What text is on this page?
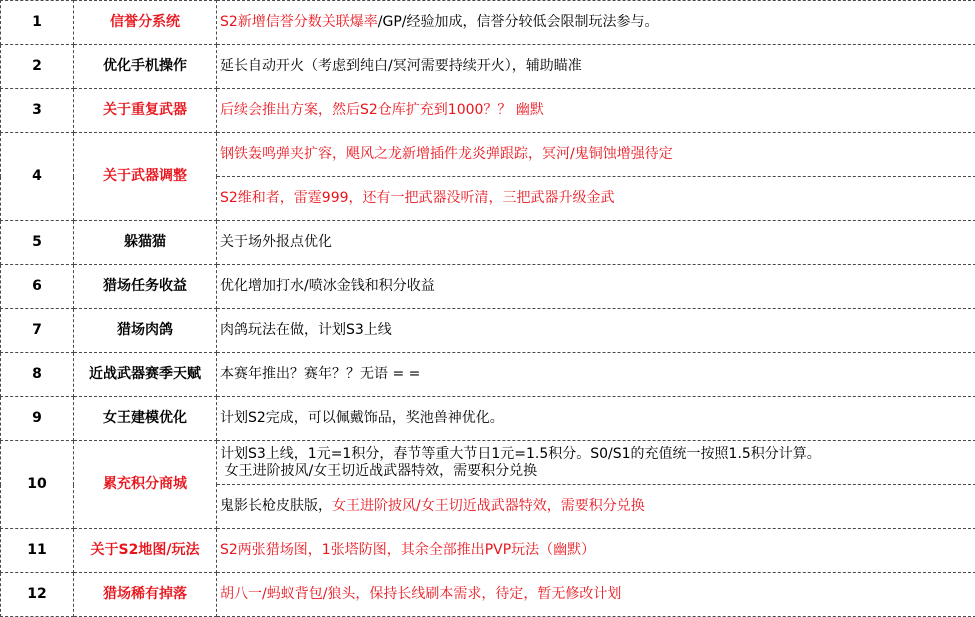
1	信誉分系统	S2新增信誉分数关联爆率/GP/经验加成，信誉分较低会限制玩法参与。
2	优化手机操作	延长自动开火（考虑到纯白/冥河需要持续开火），辅助瞄准
3	关于重复武器	后续会推出方案，然后S2仓库扩充到1000？？ 幽默
4	关于武器调整	钢铁轰鸣弹夹扩容，飓风之龙新增插件龙炎弹跟踪，冥河/鬼铜蚀增强待定
		S2维和者，雷霆999，还有一把武器没听清，三把武器升级金武
5	躲猫猫	关于场外报点优化
6	猎场任务收益	优化增加打水/喷冰金钱和积分收益
7	猎场肉鸽	肉鸽玩法在做，计划S3上线
8	近战武器赛季天赋	本赛年推出？赛年？？无语 = =
9	女王建模优化	计划S2完成，可以佩戴饰品，奖池兽神优化。
10	累充积分商城	计划S3上线，1元=1积分，春节等重大节日1元=1.5积分。S0/S1的充值统一按照1.5积分计算。
女王进阶披风/女王切近战武器特效，需要积分兑换

		鬼影长枪皮肤版，女王进阶披风/女王切近战武器特效，需要积分兑换
11	关于S2地图/玩法	S2两张猎场图，1张塔防图，其余全部推出PVP玩法（幽默）
12	猎场稀有掉落	胡八一/蚂蚁背包/狼头，保持长线刷本需求，待定，暂无修改计划
